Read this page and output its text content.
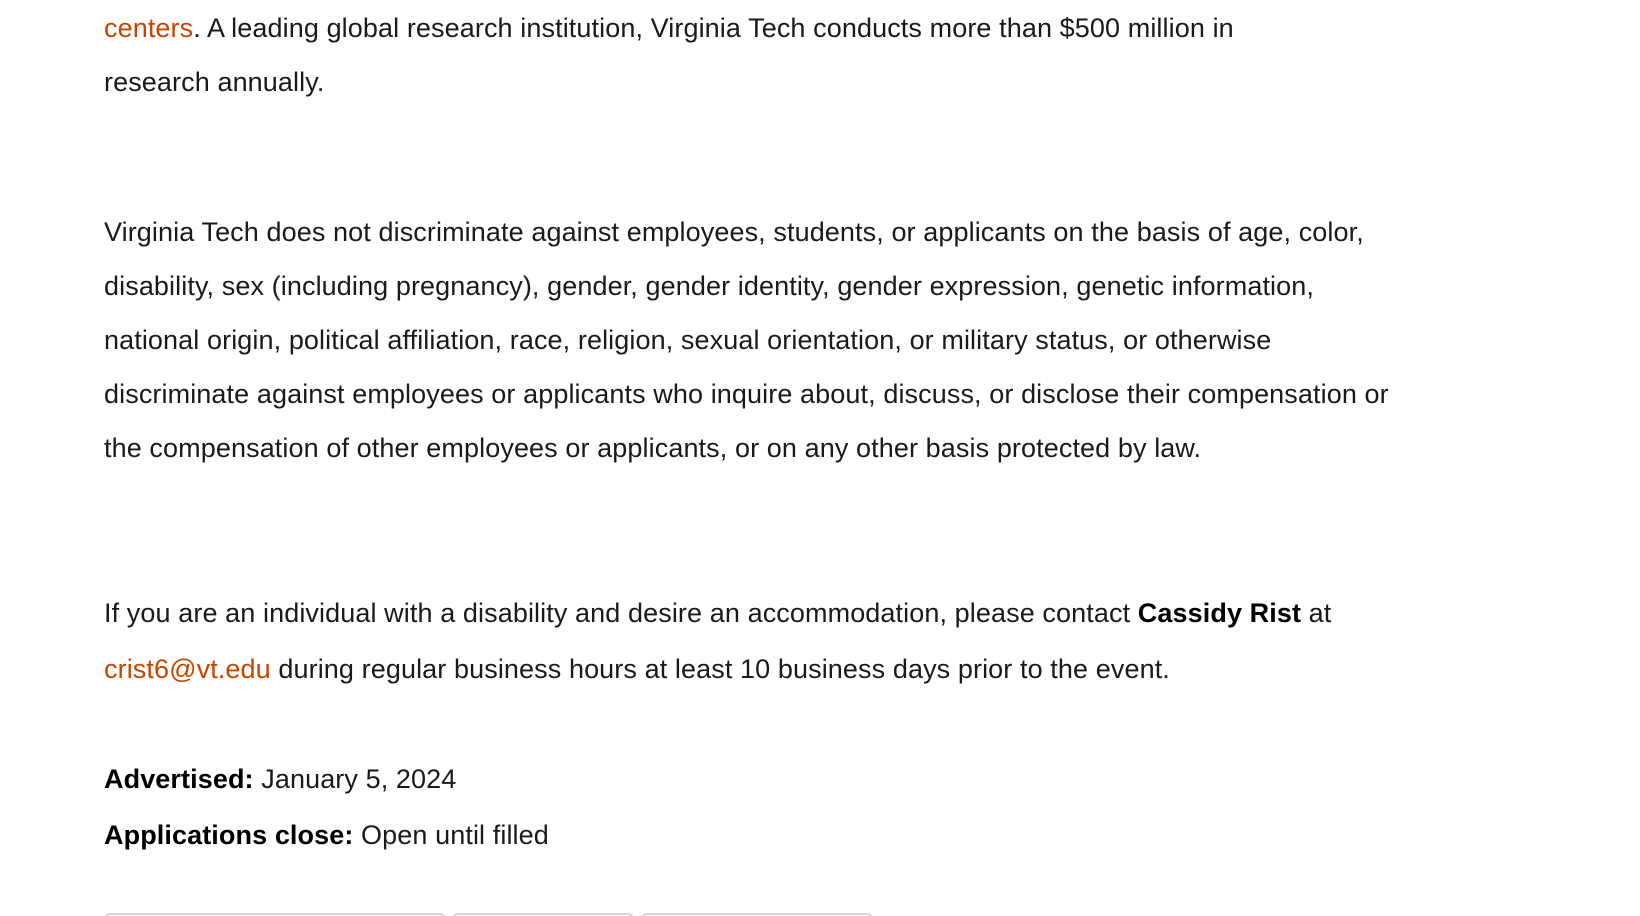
centers. A leading global research institution, Virginia Tech conducts more than $500 million in
research annually.

Virginia Tech does not discriminate against employees, students, or applicants on the basis of age, color, disability, sex (including pregnancy), gender, gender identity, gender expression, genetic information, national origin, political affiliation, race, religion, sexual orientation, or military status, or otherwise discriminate against employees or applicants who inquire about, discuss, or disclose their compensation or the compensation of other employees or applicants, or on any other basis protected by law.

If you are an individual with a disability and desire an accommodation, please contact Cassidy Rist at crist6@vt.edu during regular business hours at least 10 business days prior to the event.

Advertised: January 5, 2024

Applications close: Open until filled
